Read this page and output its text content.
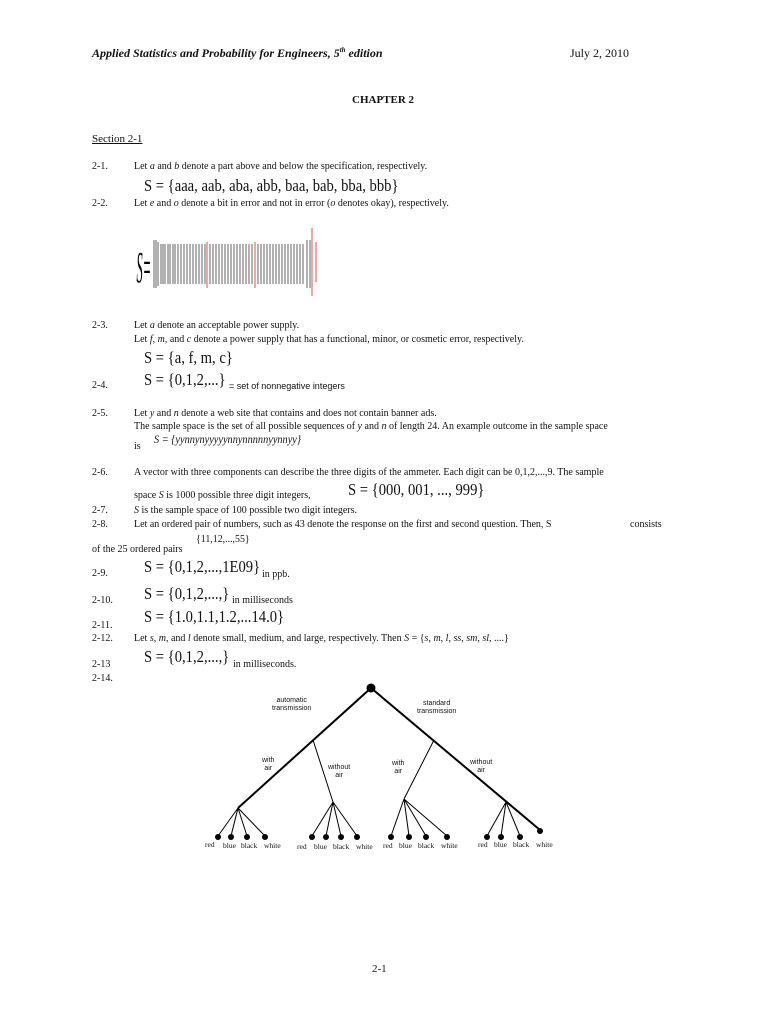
Applied Statistics and Probability for Engineers, 5th edition	July 2, 2010
CHAPTER 2
Section 2-1
2-1.	Let a and b denote a part above and below the specification, respectively.
S = {aaa, aab, aba, abb, baa, bab, bba, bbb}
2-2.	Let e and o denote a bit in error and not in error (o denotes okay), respectively.
S=
2-3.	Let a denote an acceptable power supply.
Let f, m, and c denote a power supply that has a functional, minor, or cosmetic error, respectively.
S = {a, f, m, c}
2-4. S = {0,1,2,...} = set of nonnegative integers
2-5.	Let y and n denote a web site that contains and does not contain banner ads.
The sample space is the set of all possible sequences of y and n of length 24. An example outcome in the sample space
is
S = {yynnynyyyyynnynnnnnyynnyy}
2-6.	A vector with three components can describe the three digits of the ammeter. Each digit can be 0,1,2,...,9. The sample
space S is 1000 possible three digit integers, S = {000, 001, ..., 999}
2-7.	S is the sample space of 100 possible two digit integers.
2-8.	Let an ordered pair of numbers, such as 43 denote the response on the first and second question. Then, S	consists
of the 25 ordered pairs
{11,12,...,55}
2-9. S = {0,1,2,...,1E09} in ppb.
2-10. S = {0,1,2,...,} in milliseconds
2-11. S = {1.0,1.1,1.2,...14.0}
2-12. Let s, m, and l denote small, medium, and large, respectively. Then S = {s, m, l, ss, sm, sl, ....}
2-13 S = {0,1,2,...,} in milliseconds.
2-14.
automatic
transmission
standard
transmission
with
air	without
air
with
air
without
air
red blue black white red blue black white red blue black white	red blue black white
2-1
